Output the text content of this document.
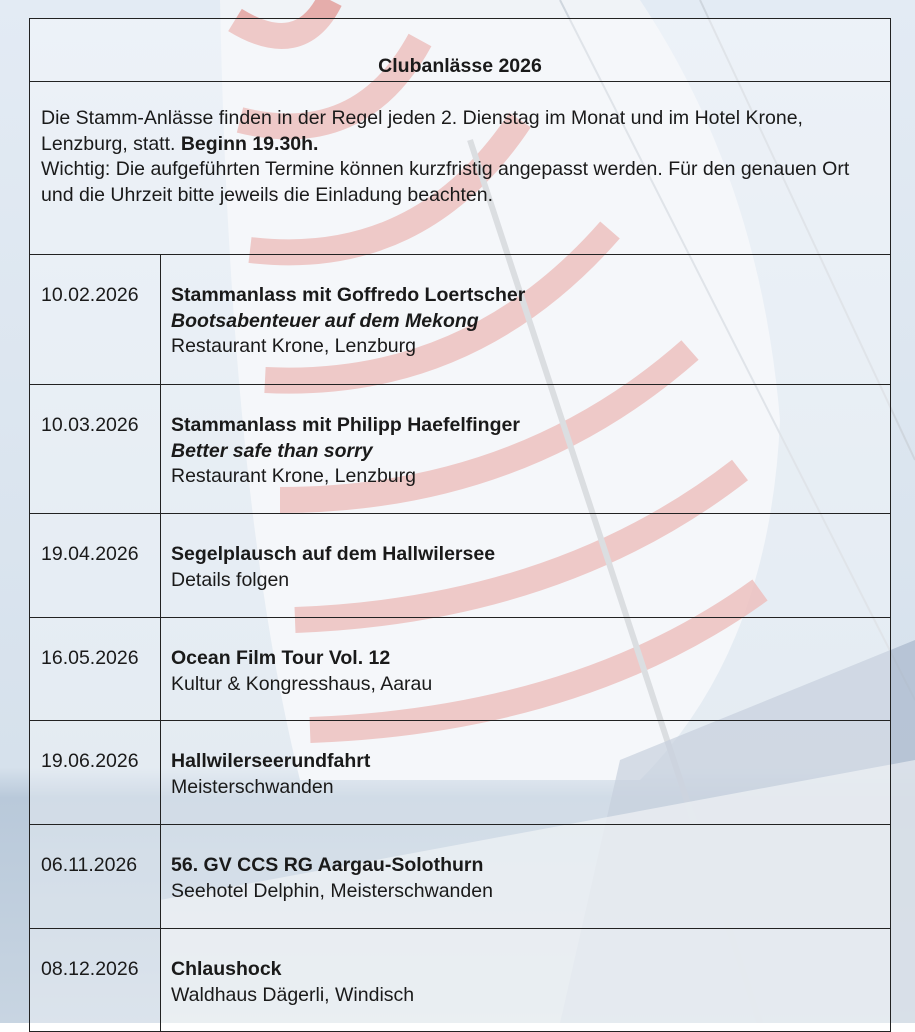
Clubanlässe 2026	
Die Stamm-Anlässe finden in der Regel jeden 2. Dienstag im Monat und im Hotel Krone, Lenzburg, statt. Beginn 19.30h.
Wichtig: Die aufgeführten Termine können kurzfristig angepasst werden. Für den genauen Ort und die Uhrzeit bitte jeweils die Einladung beachten.	
10.02.2026	Stammanlass mit Goffredo Loertscher
Bootsabenteuer auf dem Mekong
Restaurant Krone, Lenzburg

10.03.2026	Stammanlass mit Philipp Haefelfinger
Better safe than sorry
Restaurant Krone, Lenzburg

19.04.2026	Segelplausch auf dem Hallwilersee
Details folgen

16.05.2026	Ocean Film Tour Vol. 12
Kultur & Kongresshaus, Aarau

19.06.2026	Hallwilerseerundfahrt
Meisterschwanden

06.11.2026	56. GV CCS RG Aargau-Solothurn
Seehotel Delphin, Meisterschwanden

08.12.2026	Chlaushock
Waldhaus Dägerli, Windisch
